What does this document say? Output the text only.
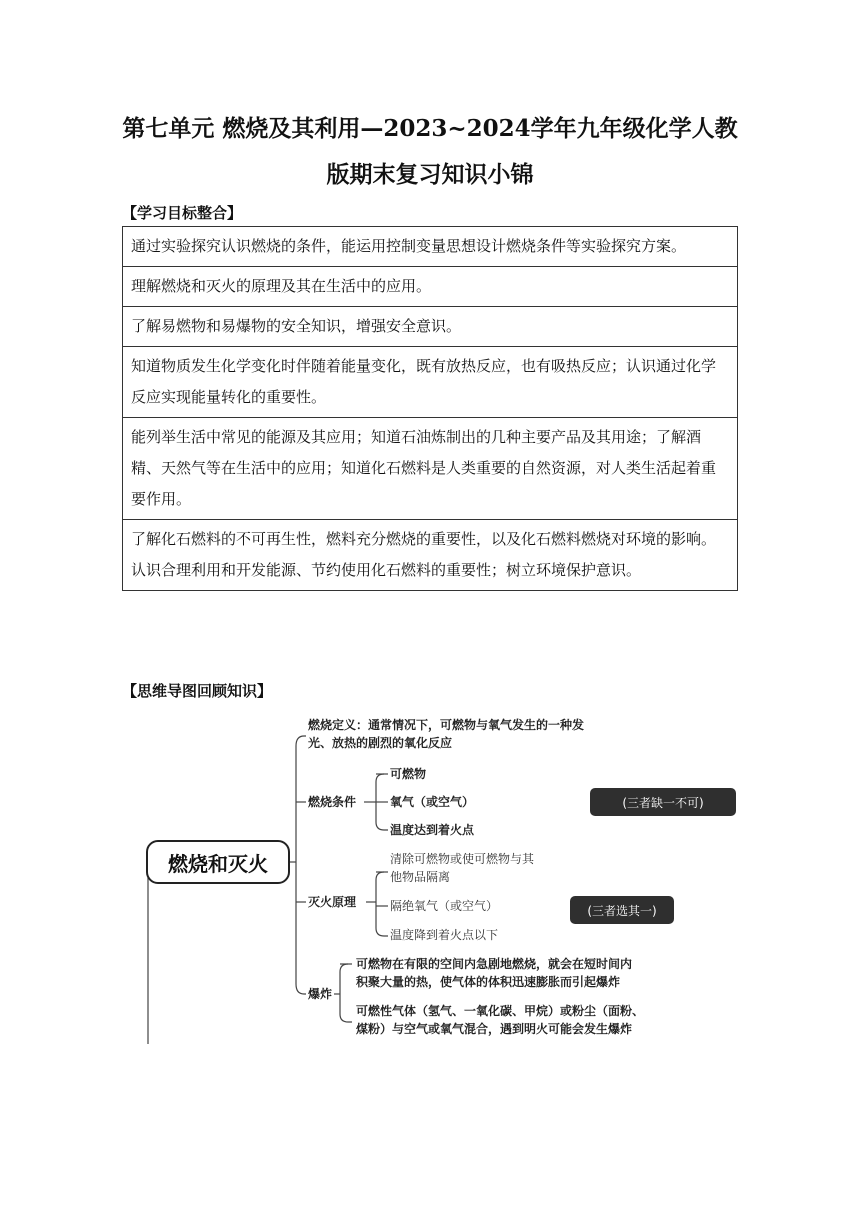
第七单元 燃烧及其利用—2023~2024学年九年级化学人教
版期末复习知识小锦
【学习目标整合】
通过实验探究认识燃烧的条件，能运用控制变量思想设计燃烧条件等实验探究方案。
理解燃烧和灭火的原理及其在生活中的应用。
了解易燃物和易爆物的安全知识，增强安全意识。
知道物质发生化学变化时伴随着能量变化，既有放热反应，也有吸热反应；认识通过化学反应实现能量转化的重要性。
能列举生活中常见的能源及其应用；知道石油炼制出的几种主要产品及其用途；了解酒精、天然气等在生活中的应用；知道化石燃料是人类重要的自然资源，对人类生活起着重要作用。
了解化石燃料的不可再生性，燃料充分燃烧的重要性，以及化石燃料燃烧对环境的影响。认识合理利用和开发能源、节约使用化石燃料的重要性；树立环境保护意识。
【思维导图回顾知识】
燃烧和灭火
燃烧定义：通常情况下，可燃物与氧气发生的一种发
光、放热的剧烈的氧化反应
燃烧条件
可燃物
氧气（或空气）
温度达到着火点
(三者缺一不可)
灭火原理
清除可燃物或使可燃物与其
他物品隔离
隔绝氧气（或空气）
温度降到着火点以下
(三者选其一)
爆炸
可燃物在有限的空间内急剧地燃烧，就会在短时间内
积聚大量的热，使气体的体积迅速膨胀而引起爆炸
可燃性气体（氢气、一氧化碳、甲烷）或粉尘（面粉、
煤粉）与空气或氧气混合，遇到明火可能会发生爆炸
